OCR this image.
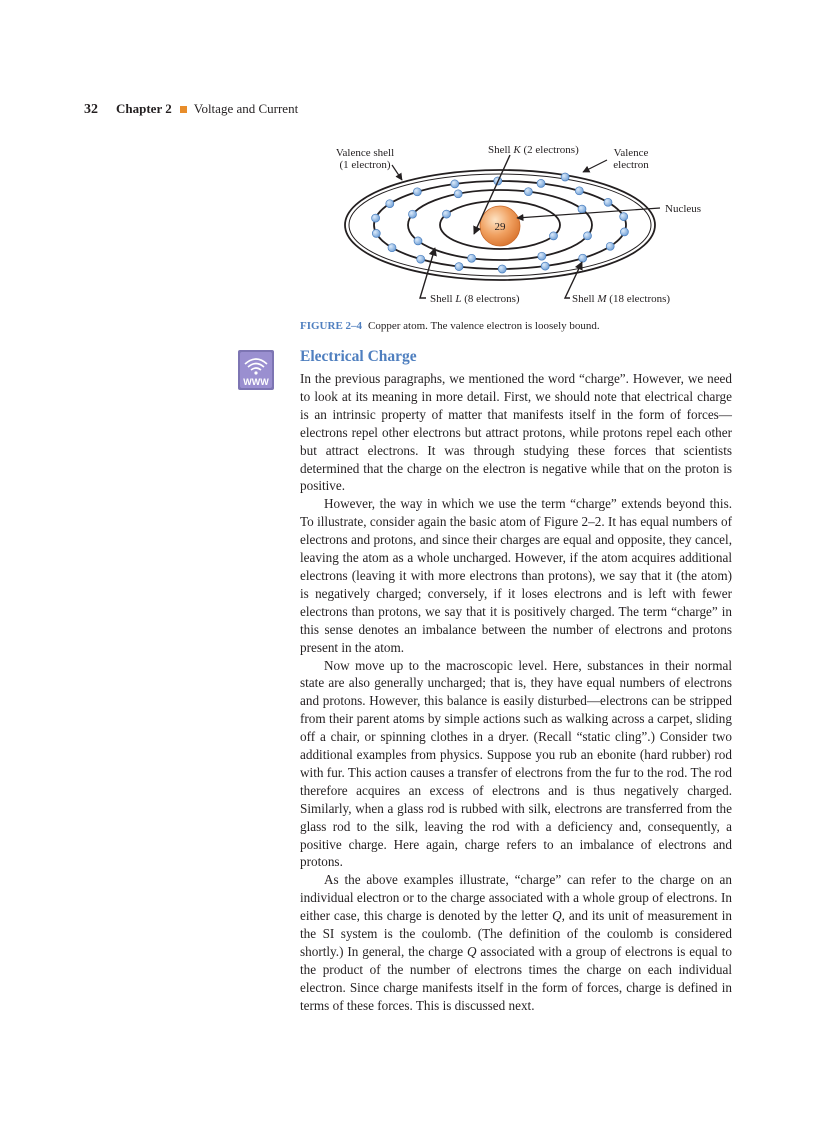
32 Chapter 2 Voltage and Current
29
Valence shell
(1 electron)
Shell K (2 electrons)	Valence
electron
Nucleus
Shell L (8 electrons)	Shell M (18 electrons)
FIGURE 2–4 Copper atom. The valence electron is loosely bound.
WWW
Electrical Charge

In the previous paragraphs, we mentioned the word “charge”. However, we need to look at its meaning in more detail. First, we should note that electrical charge is an intrinsic property of matter that manifests itself in the form of forces—electrons repel other electrons but attract protons, while protons repel each other but attract electrons. It was through studying these forces that scientists determined that the charge on the electron is negative while that on the proton is positive.

However, the way in which we use the term “charge” extends beyond this. To illustrate, consider again the basic atom of Figure 2–2. It has equal numbers of electrons and protons, and since their charges are equal and opposite, they cancel, leaving the atom as a whole uncharged. However, if the atom acquires additional electrons (leaving it with more electrons than protons), we say that it (the atom) is negatively charged; conversely, if it loses electrons and is left with fewer electrons than protons, we say that it is positively charged. The term “charge” in this sense denotes an imbalance between the number of electrons and protons present in the atom.

Now move up to the macroscopic level. Here, substances in their normal state are also generally uncharged; that is, they have equal numbers of electrons and protons. However, this balance is easily disturbed—electrons can be stripped from their parent atoms by simple actions such as walking across a carpet, sliding off a chair, or spinning clothes in a dryer. (Recall “static cling”.) Consider two additional examples from physics. Suppose you rub an ebonite (hard rubber) rod with fur. This action causes a transfer of electrons from the fur to the rod. The rod therefore acquires an excess of electrons and is thus negatively charged. Similarly, when a glass rod is rubbed with silk, electrons are transferred from the glass rod to the silk, leaving the rod with a deficiency and, consequently, a positive charge. Here again, charge refers to an imbalance of electrons and protons.

As the above examples illustrate, “charge” can refer to the charge on an individual electron or to the charge associated with a whole group of electrons. In either case, this charge is denoted by the letter Q, and its unit of measurement in the SI system is the coulomb. (The definition of the coulomb is considered shortly.) In general, the charge Q associated with a group of electrons is equal to the product of the number of electrons times the charge on each individual electron. Since charge manifests itself in the form of forces, charge is defined in terms of these forces. This is discussed next.
